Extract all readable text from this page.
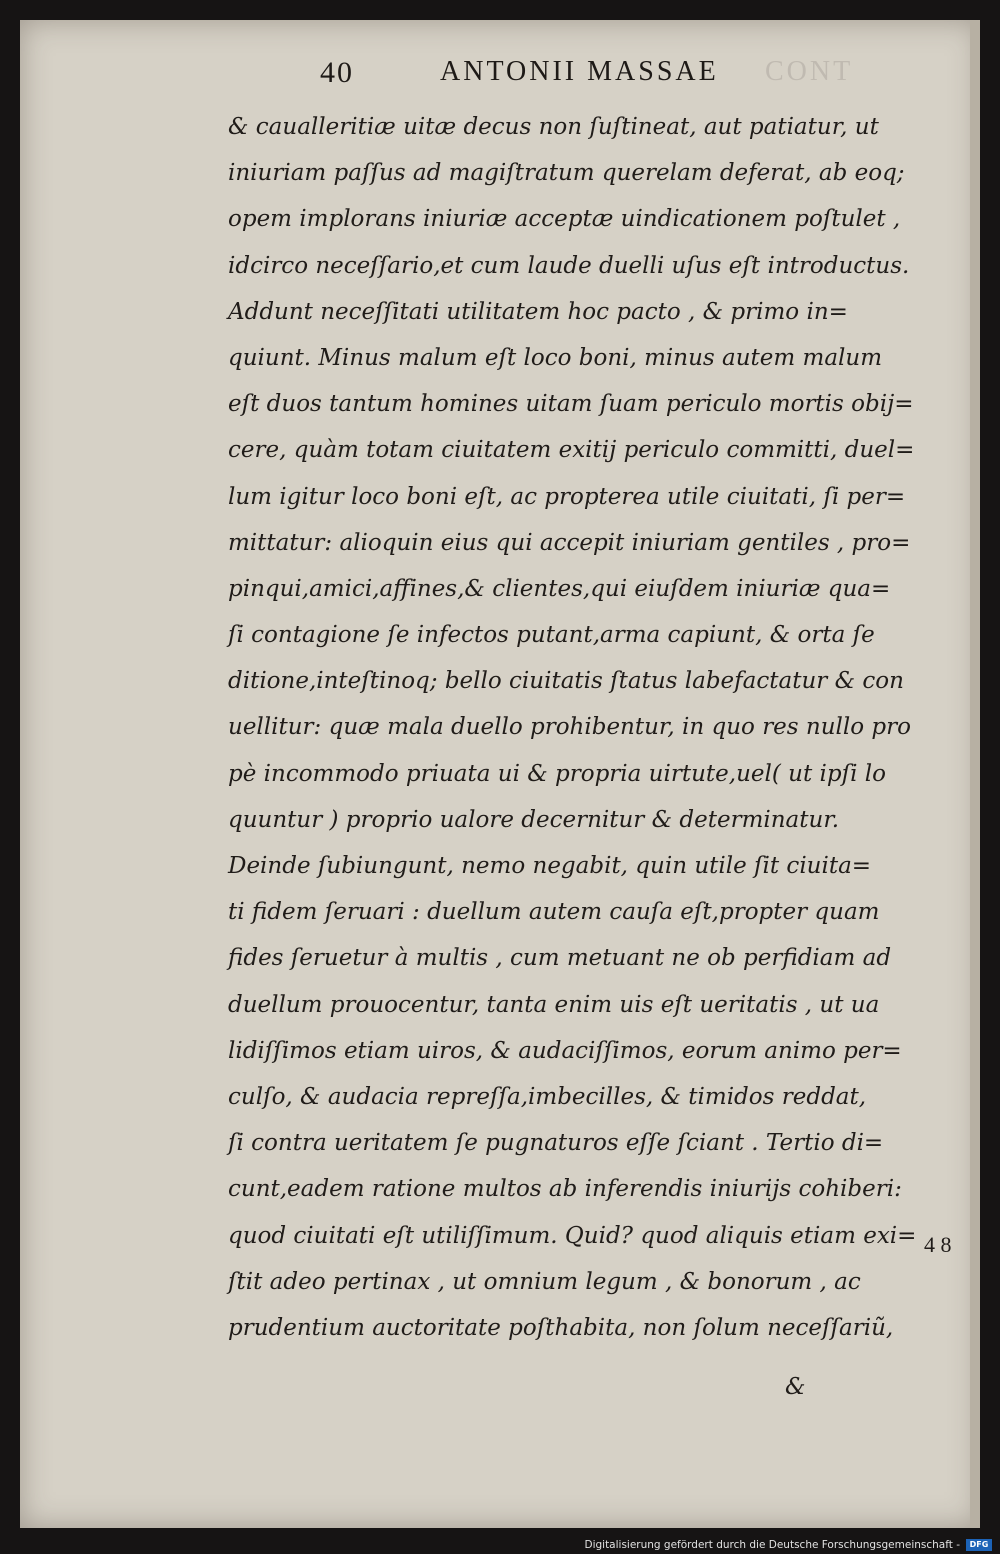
40	ANTONII MASSAE CONT
& caualleritiæ uitæ decus non ſuſtineat, aut patiatur, ut
iniuriam paſſus ad magiſtratum querelam deferat, ab eoq;
opem implorans iniuriæ acceptæ uindicationem poſtulet ,
idcirco neceſſario,et cum laude duelli uſus eſt introductus.
Addunt neceſſitati utilitatem hoc pacto , & primo in=
quiunt. Minus malum eſt loco boni, minus autem malum
eſt duos tantum homines uitam ſuam periculo mortis obij=
cere, quàm totam ciuitatem exitij periculo committi, duel=
lum igitur loco boni eſt, ac propterea utile ciuitati, ſi per=
mittatur: alioquin eius qui accepit iniuriam gentiles , pro=
pinqui,amici,affines,& clientes,qui eiuſdem iniuriæ qua=
ſi contagione ſe infectos putant,arma capiunt, & orta ſe
ditione,inteſtinoq; bello ciuitatis ſtatus labefactatur & con
uellitur: quæ mala duello prohibentur, in quo res nullo pro
pè incommodo priuata ui & propria uirtute,uel( ut ipſi lo
quuntur ) proprio ualore decernitur & determinatur.
Deinde ſubiungunt, nemo negabit, quin utile ſit ciuita=
ti fidem ſeruari : duellum autem cauſa eſt,propter quam
fides ſeruetur à multis , cum metuant ne ob perfidiam ad
duellum prouocentur, tanta enim uis eſt ueritatis , ut ua
lidiſſimos etiam uiros, & audaciſſimos, eorum animo per=
culſo, & audacia repreſſa,imbecilles, & timidos reddat,
ſi contra ueritatem ſe pugnaturos eſſe ſciant . Tertio di=
cunt,eadem ratione multos ab inferendis iniurijs cohiberi:
quod ciuitati eſt utiliſſimum. Quid? quod aliquis etiam exi=
ſtit adeo pertinax , ut omnium legum , & bonorum , ac
prudentium auctoritate poſthabita, non ſolum neceſſariũ,
4 8
&
Digitalisierung gefördert durch die Deutsche Forschungsgemeinschaft -	DFG
